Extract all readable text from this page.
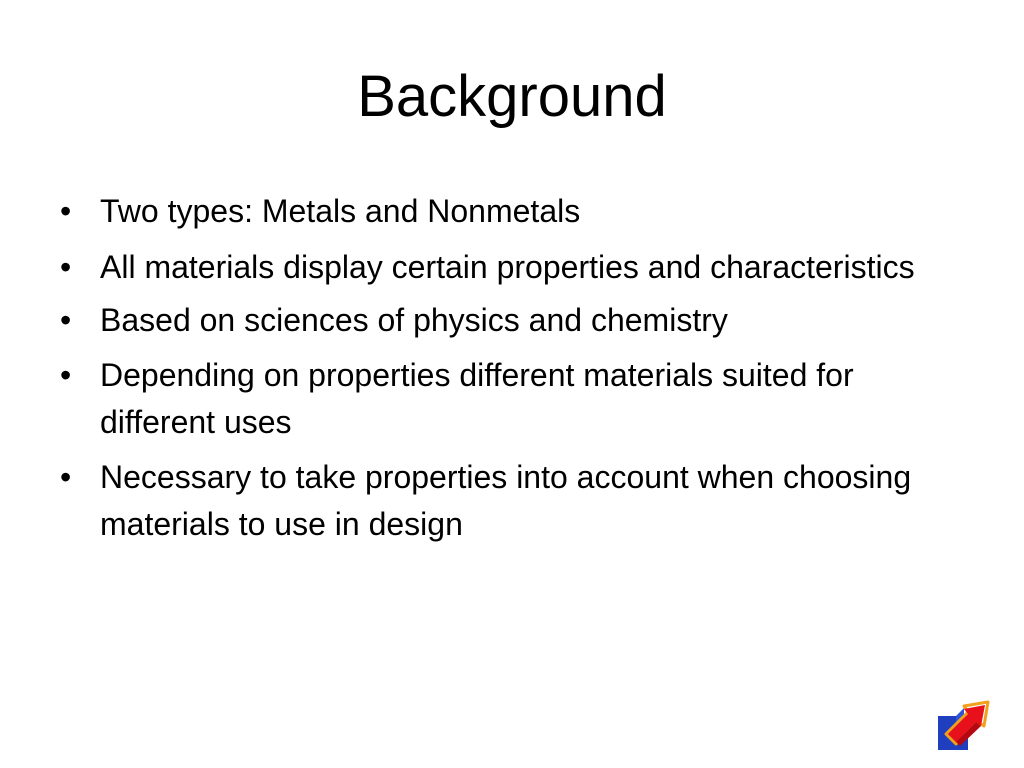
Background
• Two types: Metals and Nonmetals
• All materials display certain properties and characteristics
• Based on sciences of physics and chemistry
• Depending on properties different materials suited for different uses
• Necessary to take properties into account when choosing materials to use in design
